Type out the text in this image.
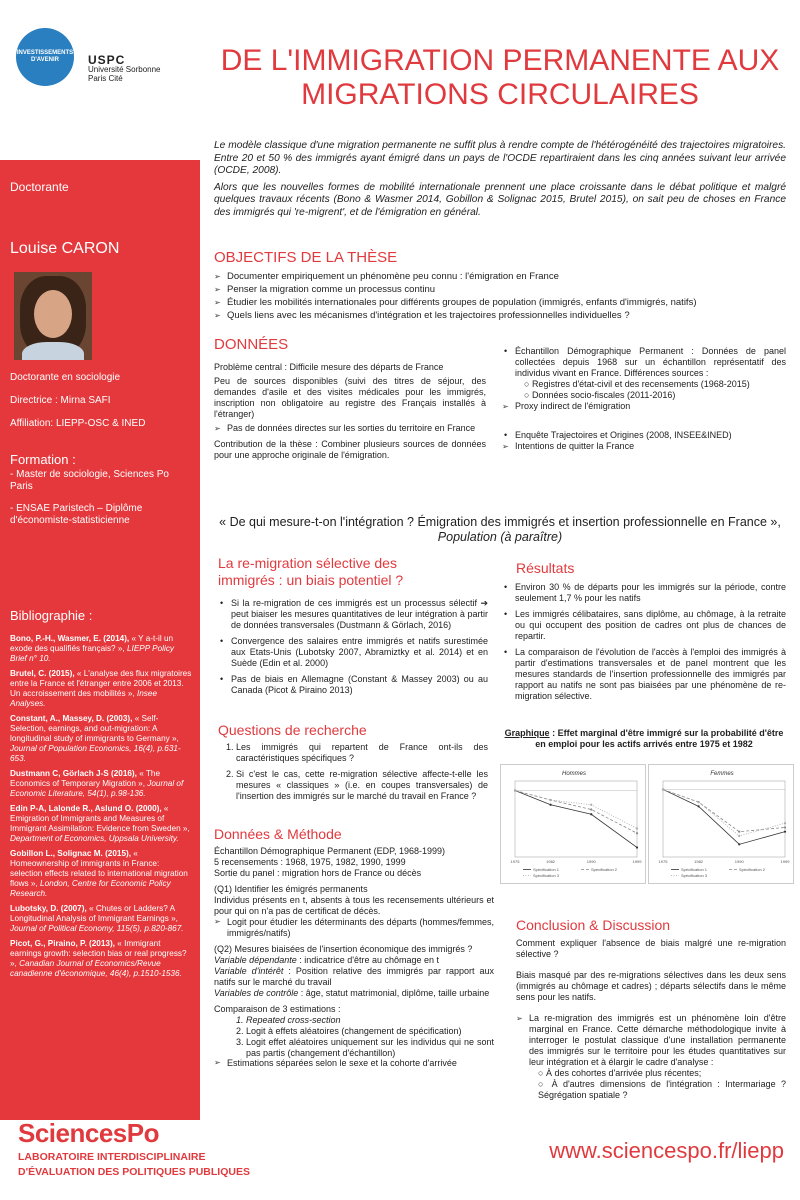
INVESTISSEMENTS D'AVENIR	USPC
Université Sorbonne
Paris Cité
DE L'IMMIGRATION PERMANENTE AUX
MIGRATIONS CIRCULAIRES

Le modèle classique d'une migration permanente ne suffit plus à rendre compte de l'hétérogénéité des trajectoires migratoires. Entre 20 et 50 % des immigrés ayant émigré dans un pays de l'OCDE repartiraient dans les cinq années suivant leur arrivée (OCDE, 2008).

Alors que les nouvelles formes de mobilité internationale prennent une place croissante dans le débat politique et malgré quelques travaux récents (Bono & Wasmer 2014, Gobillon & Solignac 2015, Brutel 2015), on sait peu de choses en France des immigrés qui 're-migrent', et de l'émigration en général.

Doctorante
Louise CARON
Doctorante en sociologie
Directrice : Mirna SAFI
Affiliation: LIEPP-OSC & INED
Formation :
- Master de sociologie, Sciences Po Paris
- ENSAE Paristech – Diplôme d'économiste-statisticienne
Bibliographie :

Bono, P.-H., Wasmer, E. (2014), « Y a-t-il un exode des qualifiés français? », LIEPP Policy Brief n° 10.

Brutel, C. (2015), « L'analyse des flux migratoires entre la France et l'étranger entre 2006 et 2013. Un accroissement des mobilités », Insee Analyses.

Constant, A., Massey, D. (2003), « Self-Selection, earnings, and out-migration: A longitudinal study of immigrants to Germany », Journal of Population Economics, 16(4), p.631-653.

Dustmann C, Görlach J-S (2016), « The Economics of Temporary Migration », Journal of Economic Literature, 54(1), p.98-136.

Edin P-A, Lalonde R., Aslund O. (2000), « Emigration of Immigrants and Measures of Immigrant Assimilation: Evidence from Sweden », Department of Economics, Uppsala University.

Gobillon L., Solignac M. (2015), « Homeownership of immigrants in France: selection effects related to international migration flows », London, Centre for Economic Policy Research.

Lubotsky, D. (2007), « Chutes or Ladders? A Longitudinal Analysis of Immigrant Earnings », Journal of Political Economy, 115(5), p.820-867.

Picot, G., Piraino, P. (2013), « Immigrant earnings growth: selection bias or real progress? », Canadian Journal of Economics/Revue canadienne d'économique, 46(4), p.1510-1536.

OBJECTIFS DE LA THÈSE
➢ Documenter empiriquement un phénomène peu connu : l'émigration en France
➢ Penser la migration comme un processus continu
➢ Étudier les mobilités internationales pour différents groupes de population (immigrés, enfants d'immigrés, natifs)
➢ Quels liens avec les mécanismes d'intégration et les trajectoires professionnelles individuelles ?
DONNÉES

Problème central : Difficile mesure des départs de France

Peu de sources disponibles (suivi des titres de séjour, des demandes d'asile et des visites médicales pour les immigrés, inscription non obligatoire au registre des Français installés à l'étranger)

➢ Pas de données directes sur les sorties du territoire en France

Contribution de la thèse : Combiner plusieurs sources de données pour une approche originale de l'émigration.

• Échantillon Démographique Permanent : Données de panel collectées depuis 1968 sur un échantillon représentatif des individus vivant en France. Différences sources :
○ Registres d'état-civil et des recensements (1968-2015)
○ Données socio-fiscales (2011-2016)
➢ Proxy indirect de l'émigration
• Enquête Trajectoires et Origines (2008, INSEE&INED)
➢ Intentions de quitter la France
« De qui mesure-t-on l'intégration ? Émigration des immigrés et insertion professionnelle en France », Population (à paraître)
La re-migration sélective des
immigrés : un biais potentiel ?
• Si la re-migration de ces immigrés est un processus sélectif ➔ peut biaiser les mesures quantitatives de leur intégration à partir de données transversales (Dustmann & Görlach, 2016)
• Convergence des salaires entre immigrés et natifs surestimée aux Etats-Unis (Lubotsky 2007, Abramiztky et al. 2014) et en Suède (Edin et al. 2000)
• Pas de biais en Allemagne (Constant & Massey 2003) ou au Canada (Picot & Piraino 2013)
Questions de recherche
1. Les immigrés qui repartent de France ont-ils des caractéristiques spécifiques ?
2. Si c'est le cas, cette re-migration sélective affecte-t-elle les mesures « classiques » (i.e. en coupes transversales) de l'insertion des immigrés sur le marché du travail en France ?
Données & Méthode
Échantillon Démographique Permanent (EDP, 1968-1999)
5 recensements : 1968, 1975, 1982, 1990, 1999
Sortie du panel : migration hors de France ou décès
(Q1) Identifier les émigrés permanents
Individus présents en t, absents à tous les recensements ultérieurs et pour qui on n'a pas de certificat de décès.
➢ Logit pour étudier les déterminants des départs (hommes/femmes, immigrés/natifs)
(Q2) Mesures biaisées de l'insertion économique des immigrés ?
Variable dépendante : indicatrice d'être au chômage en t
Variable d'intérêt : Position relative des immigrés par rapport aux natifs sur le marché du travail
Variables de contrôle : âge, statut matrimonial, diplôme, taille urbaine
Comparaison de 3 estimations :
1. Repeated cross-section
2. Logit à effets aléatoires (changement de spécification)
3. Logit effet aléatoires uniquement sur les individus qui ne sont pas partis (changement d'échantillon)
➢ Estimations séparées selon le sexe et la cohorte d'arrivée
Résultats
• Environ 30 % de départs pour les immigrés sur la période, contre seulement 1,7 % pour les natifs
• Les immigrés célibataires, sans diplôme, au chômage, à la retraite ou qui occupent des position de cadres ont plus de chances de repartir.
• La comparaison de l'évolution de l'accès à l'emploi des immigrés à partir d'estimations transversales et de panel montrent que les mesures standards de l'insertion professionnelle des immigrés par rapport au natifs ne sont pas biaisées par une phénomène de re-migration sélective.
Graphique : Effet marginal d'être immigré sur la probabilité d'être en emploi pour les actifs arrivés entre 1975 et 1982
Hommes
1975	1982	1990	1999
Spécification 1	Spécification 2
Spécification 3
Femmes
1975	1982	1990	1999
Spécification 1	Spécification 2
Spécification 3
Conclusion & Discussion

Comment expliquer l'absence de biais malgré une re-migration sélective ?

Biais masqué par des re-migrations sélectives dans les deux sens (immigrés au chômage et cadres) ; départs sélectifs dans le même sens pour les natifs.

➢ La re-migration des immigrés est un phénomène loin d'être marginal en France. Cette démarche méthodologique invite à interroger le postulat classique d'une installation permanente des immigrés sur le territoire pour les études quantitatives sur leur intégration et à élargir le cadre d'analyse :
○ À des cohortes d'arrivée plus récentes;
○ À d'autres dimensions de l'intégration : Intermariage ? Ségrégation spatiale ?
SciencesPo
LABORATOIRE INTERDISCIPLINAIRE
D'ÉVALUATION DES POLITIQUES PUBLIQUES
www.sciencespo.fr/liepp
